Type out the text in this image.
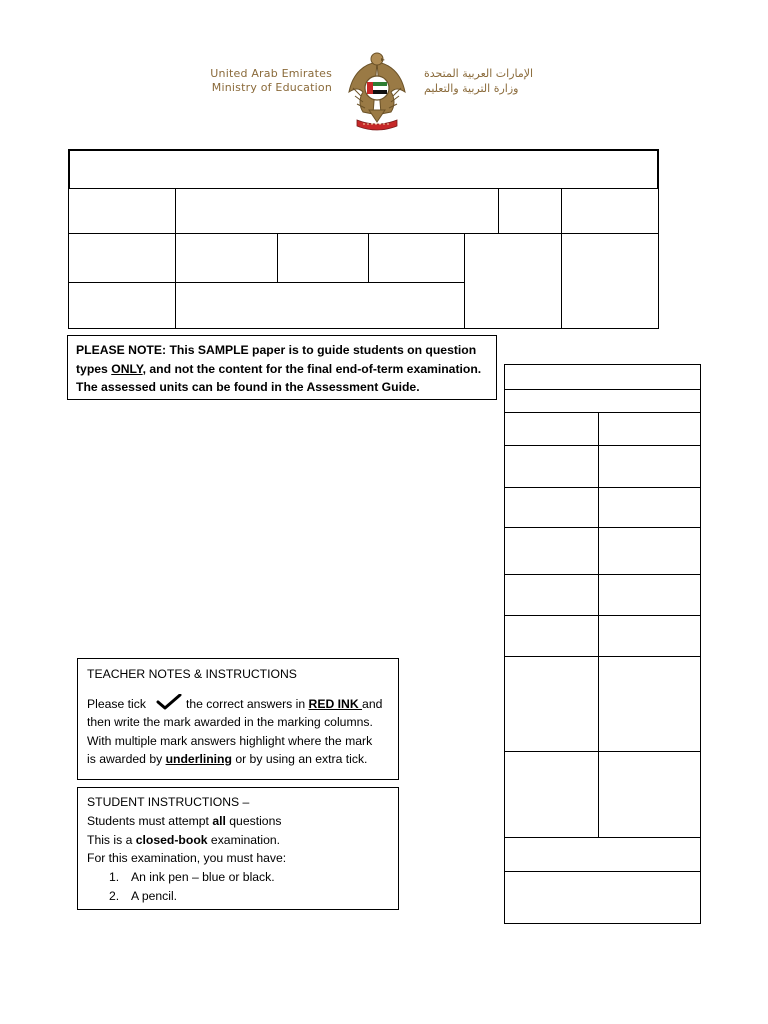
United Arab Emirates
Ministry of Education
الإمارات العربية المتحدة
وزارة التربية والتعليم
PLEASE NOTE: This SAMPLE paper is to guide students on question types ONLY, and not the content for the final end-of-term examination. The assessed units can be found in the Assessment Guide.
TEACHER NOTES & INSTRUCTIONS
Please tick	the correct answers in RED INK and
then write the mark awarded in the marking columns.
With multiple mark answers highlight where the mark
is awarded by underlining or by using an extra tick.
STUDENT INSTRUCTIONS –
Students must attempt all questions
This is a closed-book examination.
For this examination, you must have:
1. An ink pen – blue or black.
2. A pencil.
